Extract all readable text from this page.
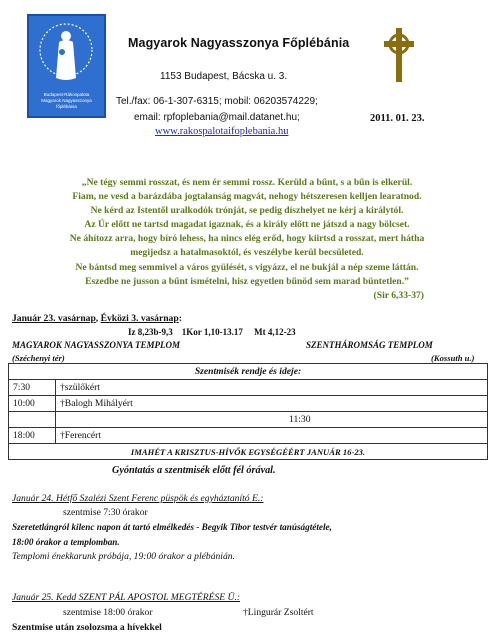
Budapest-Rákospalota
Magyarok Nagyasszonya
főplébánia
Magyarok Nagyasszonya Főplébánia
1153 Budapest, Bácska u. 3.
Tel./fax: 06-1-307-6315; mobil: 06203574229;
email: rpfoplebania@mail.datanet.hu;
www.rakospalotaifoplebania.hu
2011. 01. 23.
„Ne tégy semmi rosszat, és nem ér semmi rossz. Kerüld a bűnt, s a bűn is elkerül.
Fiam, ne vesd a barázdába jogtalanság magvát, nehogy hétszeresen kelljen learatnod.
Ne kérd az Istentől uralkodók trónját, se pedig díszhelyet ne kérj a királytól.
Az Úr előtt ne tartsd magadat igaznak, és a király előtt ne játszd a nagy bölcset.
Ne áhítozz arra, hogy bíró lehess, ha nincs elég erőd, hogy kiirtsd a rosszat, mert hátha
megijedsz a hatalmasoktól, és veszélybe kerül becsületed.
Ne bántsd meg semmivel a város gyülését, s vigyázz, el ne bukjál a nép szeme láttán.
Eszedbe ne jusson a bűnt ismételni, hisz egyetlen bűnöd sem marad büntetlen.”
(Sir 6,33-37)
Január 23. vasárnap, Évközi 3. vasárnap:
Iz 8,23b-9,3 1Kor 1,10-13.17 Mt 4,12-23
MAGYAROK NAGYASSZONYA TEMPLOM	SZENTHÁROMSÁG TEMPLOM
(Széchenyi tér)	(Kossuth u.)
Szentmisék rendje és ideje:		
7:30	†szülőkért	
10:00	†Balogh Mihályért	
		11:30
18:00	†Ferencért	
IMAHÉT A KRISZTUS-HÍVŐK EGYSÉGÉÉRT JANUÁR 16-23.		
Gyóntatás a szentmisék előtt fél órával.
Január 24. Hétfő Szalézi Szent Ferenc püspök és egyháztanító E.:
szentmise 7:30 órakor
Szeretetlángról kilenc napon át tartó elmélkedés - Begyik Tibor testvér tanúságtétele,
18:00 órakor a templomban.
Templomi énekkarunk próbája, 19:00 órakor a plébánián.
Január 25. Kedd SZENT PÁL APOSTOL MEGTÉRÉSE Ü.:
szentmise 18:00 órakor	†Lingurár Zsoltért
Szentmise után zsolozsma a hívekkel
